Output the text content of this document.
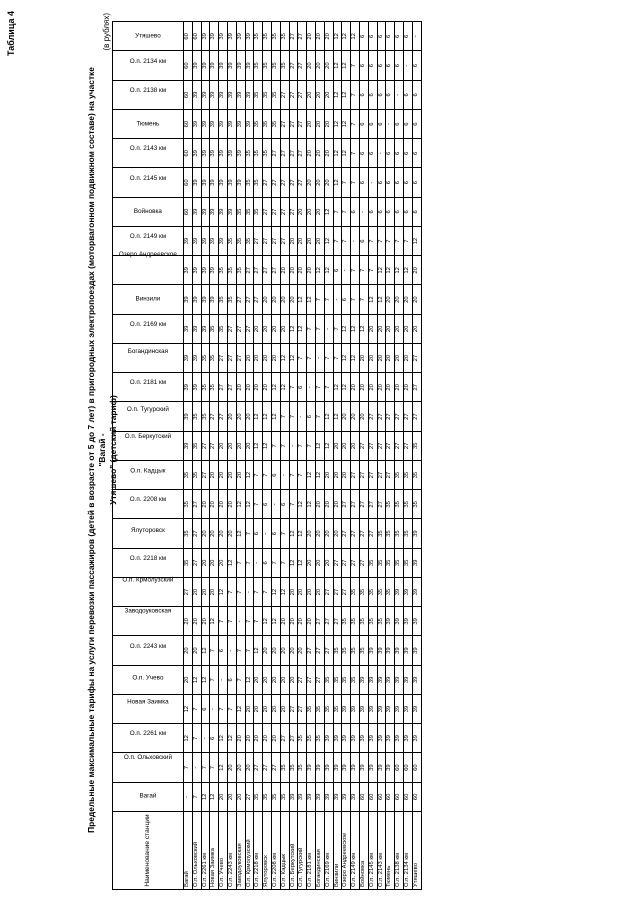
Таблица 4
Предельные максимальные тарифы на услуги перевозки пассажиров (детей в возрасте от 5 до 7 лет) в пригородных электропоездах (моторвагонном подвижном составе) на участке "Вагай - Утяшево" (детский тариф)
(в рублях)
Наименование станции	Вагай	О.п. Ольховский	О.п. 2261 км	Новая Заимка	О.п. Учево	О.п. 2243 км	Заводоуковская	О.п. Крмолузский	О.п. 2218 км	Ялуторовск	О.п. 2208 км	О.п. Кадцык	О.п. Беркутский	О.п. Тугурский	О.п. 2181 км	Богандинская	О.п. 2169 км	Винзили	Озеро Андреевское	О.п. 2149 км	Войновка	О.п. 2145 км	О.п. 2143 км	Тюмень	О.п. 2138 км	О.п. 2134 км	Утяшево
Вагай	-	7	12	12	20	20	20	27	35	35	35	35	39	39	39	39	39	39	39	39	60	60	60	60	60	60	60
О.п. Ольховский	7	-	7	7	12	20	20	20	27	27	27	35	35	35	39	39	39	39	39	39	39	39	39	39	39	39	60
О.п. 2261 км	12	7	-	6	12	12	20	20	20	20	20	27	27	35	35	35	39	39	39	39	39	39	39	39	39	39	39
Новая Заимка	12	7	6	-	7	7	12	20	20	20	20	20	27	27	35	35	35	39	39	39	39	39	39	39	39	39	39
О.п. Учево	20	12	12	7	-	6	7	12	20	20	20	20	20	27	27	27	35	35	35	39	39	39	39	39	39	39	39
О.п. 2243 км	20	20	12	7	6	-	7	7	12	20	20	20	20	20	27	27	27	35	35	35	39	39	39	39	39	39	39
Заводоуковская	20	20	20	12	7	7	-	7	7	12	12	20	20	20	20	27	27	27	35	35	35	39	39	39	39	39	39
О.п. Крмолузский	27	20	20	20	12	7	7	-	7	7	12	12	20	20	20	20	27	27	27	35	35	35	35	39	39	39	39
О.п. 2218 км	35	27	20	20	20	12	7	7	-	6	7	7	12	12	20	20	20	27	27	27	35	35	35	35	35	35	35
Ялуторовск	35	27	20	20	20	20	12	7	6	-	6	7	12	12	20	20	20	20	27	27	27	27	35	35	35	35	35
О.п. 2208 км	35	27	20	20	20	20	12	12	7	6	-	6	7	12	12	20	20	20	27	27	27	27	27	35	35	35	35
О.п. Кадцык	35	35	27	20	20	20	20	12	7	7	6	-	7	7	12	12	20	20	20	27	27	27	27	27	27	35	35
О.п. Беркутский	39	35	27	27	20	20	20	20	12	12	7	7	-	7	7	12	12	20	20	20	27	27	27	27	27	27	27
О.п. Тугурский	39	35	35	27	27	20	20	20	12	12	12	7	7	-	6	7	12	12	20	20	20	27	27	27	27	27	27
О.п. 2181 км	39	39	35	35	27	27	20	20	20	20	12	12	7	6	-	7	7	12	20	20	20	20	20	20	20	20	20
Богандинская	39	39	35	35	27	27	27	20	20	20	20	12	12	7	7	-	7	7	12	20	20	20	20	20	20	20	20
О.п. 2169 км	39	39	39	35	35	27	27	27	20	20	20	20	12	12	7	7	-	7	12	12	12	20	20	20	20	20	20
Винзили	39	39	39	35	35	35	27	27	27	20	20	20	20	12	12	7	7	-	6	7	7	12	12	12	12	12	12
Озеро Андреевское	39	39	39	39	35	35	35	27	27	27	27	20	20	20	12	12	12	6	-	7	7	7	12	12	12	12	12
О.п. 2149 км	39	39	39	39	35	35	35	35	27	27	27	27	20	20	20	12	12	7	7	-	6	7	7	7	7	7	12
Войновка	60	39	39	39	39	35	35	35	27	27	27	27	27	20	20	20	12	7	7	6	-	6	6	6	6	6	6
О.п. 2145 км	60	39	39	39	39	39	35	35	35	27	27	27	27	27	20	20	20	12	7	7	6	-	6	6	6	6	6
О.п. 2143 км	60	39	39	39	39	39	35	35	35	35	27	27	27	27	20	20	20	12	12	7	6	6	-	6	6	6	6
Тюмень	60	39	39	39	39	39	39	35	35	35	35	27	27	27	20	20	20	20	12	7	6	6	6	-	6	6	6
О.п. 2138 км	60	60	39	39	39	39	39	39	35	35	35	35	27	27	20	20	20	20	12	7	6	6	6	6	-	6	6
О.п. 2134 км	60	60	39	39	39	39	39	39	35	35	35	35	27	27	20	20	20	20	12	7	6	6	6	6	6	-	6
Утяшево	60	60	39	39	39	39	39	39	39	39	35	35	35	27	27	27	20	20	20	12	6	6	6	6	6	6	-
